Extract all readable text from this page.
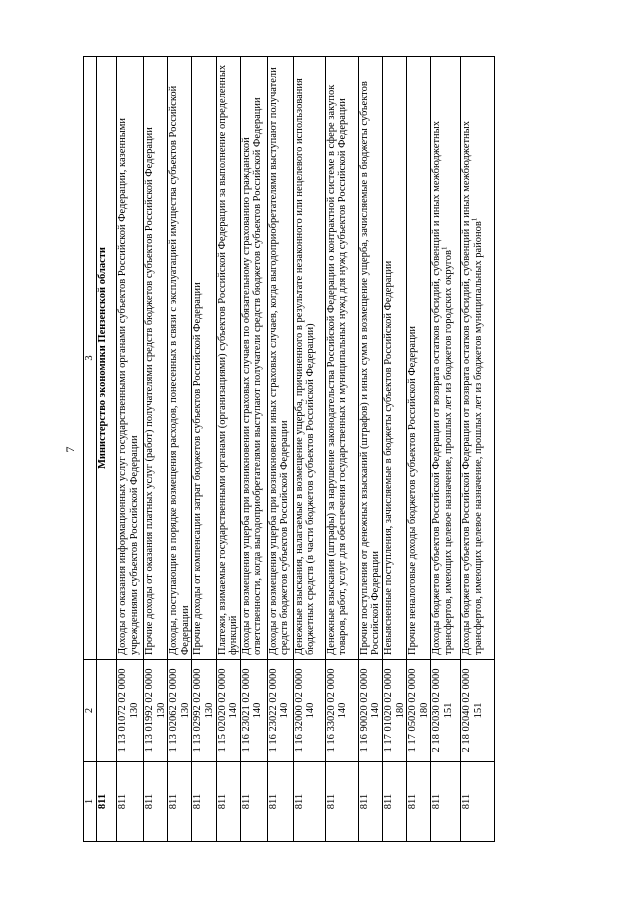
7
1	2	3
811		Министерство экономики Пензенской области
811	1 13 01072 02 0000 130	Доходы от оказания информационных услуг государственными органами субъектов Российской Федерации, казенными учреждениями субъектов Российской Федерации
811	1 13 01992 02 0000 130	Прочие доходы от оказания платных услуг (работ) получателями средств бюджетов субъектов Российской Федерации
811	1 13 02062 02 0000 130	Доходы, поступающие в порядке возмещения расходов, понесенных в связи с эксплуатацией имущества субъектов Российской Федерации
811	1 13 02992 02 0000 130	Прочие доходы от компенсации затрат бюджетов субъектов Российской Федерации
811	1 15 02020 02 0000 140	Платежи, взимаемые государственными органами (организациями) субъектов Российской Федерации за выполнение определенных функций
811	1 16 23021 02 0000 140	Доходы от возмещения ущерба при возникновении страховых случаев по обязательному страхованию гражданской ответственности, когда выгодоприобретателями выступают получатели средств бюджетов субъектов Российской Федерации
811	1 16 23022 02 0000 140	Доходы от возмещения ущерба при возникновении иных страховых случаев, когда выгодоприобретателями выступают получатели средств бюджетов субъектов Российской Федерации
811	1 16 32000 02 0000 140	Денежные взыскания, налагаемые в возмещение ущерба, причиненного в результате незаконного или нецелевого использования бюджетных средств (в части бюджетов субъектов Российской Федерации)
811	1 16 33020 02 0000 140	Денежные взыскания (штрафы) за нарушение законодательства Российской Федерации о контрактной системе в сфере закупок товаров, работ, услуг для обеспечения государственных и муниципальных нужд для нужд субъектов Российской Федерации
811	1 16 90020 02 0000 140	Прочие поступления от денежных взысканий (штрафов) и иных сумм в возмещение ущерба, зачисляемые в бюджеты субъектов Российской Федерации
811	1 17 01020 02 0000 180	Невыясненные поступления, зачисляемые в бюджеты субъектов Российской Федерации
811	1 17 05020 02 0000 180	Прочие неналоговые доходы бюджетов субъектов Российской Федерации
811	2 18 02030 02 0000 151	Доходы бюджетов субъектов Российской Федерации от возврата остатков субсидий, субвенций и иных межбюджетных трансфертов, имеющих целевое назначение, прошлых лет из бюджетов городских округов$^1$
811	2 18 02040 02 0000 151	Доходы бюджетов субъектов Российской Федерации от возврата остатков субсидий, субвенций и иных межбюджетных трансфертов, имеющих целевое назначение, прошлых лет из бюджетов муниципальных районов$^1$
